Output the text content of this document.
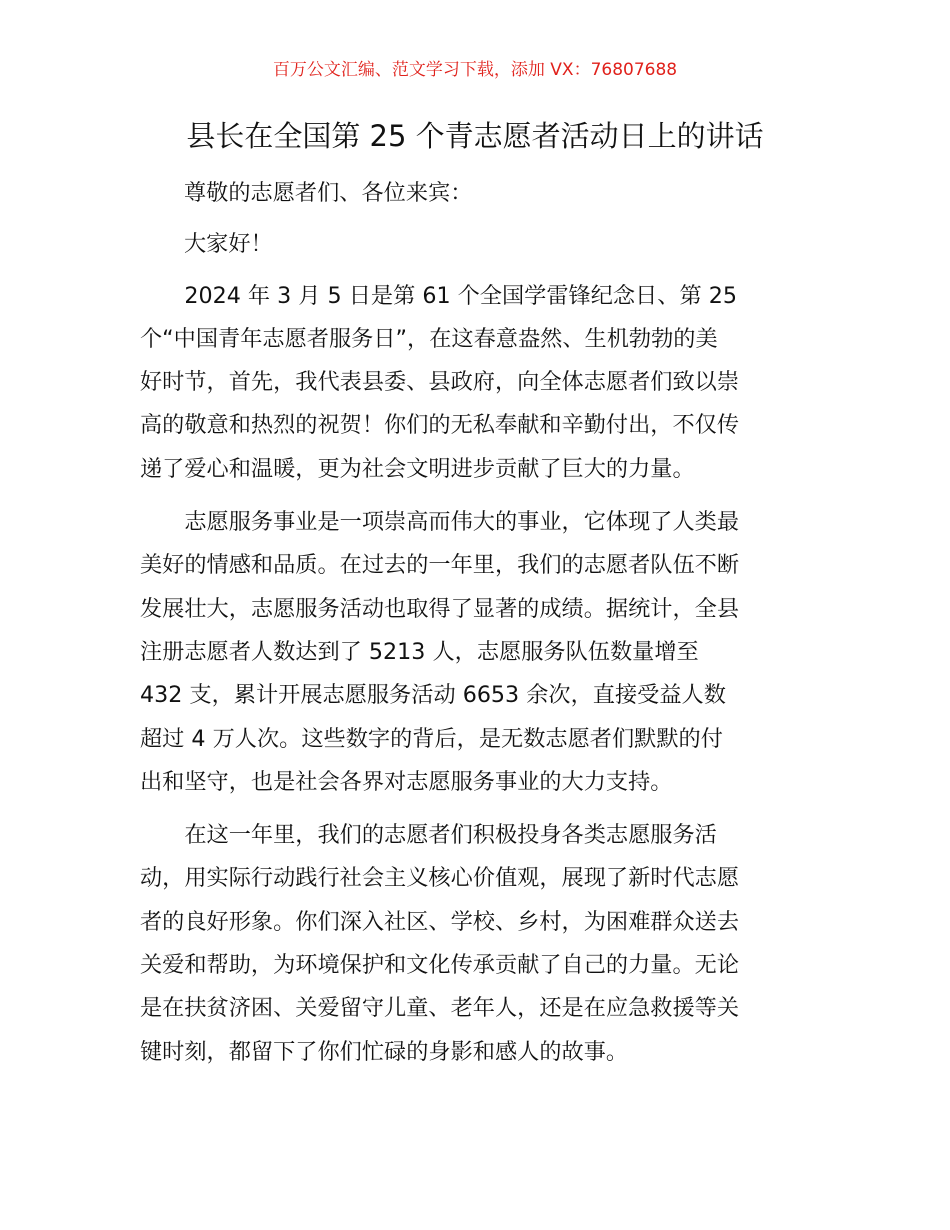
百万公文汇编、范文学习下载，添加 VX：76807688
县长在全国第 25 个青志愿者活动日上的讲话

尊敬的志愿者们、各位来宾：

大家好！

　　2024 年 3 月 5 日是第 61 个全国学雷锋纪念日、第 25

个“中国青年志愿者服务日”，在这春意盎然、生机勃勃的美

好时节，首先，我代表县委、县政府，向全体志愿者们致以崇

高的敬意和热烈的祝贺！你们的无私奉献和辛勤付出，不仅传

递了爱心和温暖，更为社会文明进步贡献了巨大的力量。

　　志愿服务事业是一项崇高而伟大的事业，它体现了人类最

美好的情感和品质。在过去的一年里，我们的志愿者队伍不断

发展壮大，志愿服务活动也取得了显著的成绩。据统计，全县

注册志愿者人数达到了 5213 人，志愿服务队伍数量增至

432 支，累计开展志愿服务活动 6653 余次，直接受益人数

超过 4 万人次。这些数字的背后，是无数志愿者们默默的付

出和坚守，也是社会各界对志愿服务事业的大力支持。

　　在这一年里，我们的志愿者们积极投身各类志愿服务活

动，用实际行动践行社会主义核心价值观，展现了新时代志愿

者的良好形象。你们深入社区、学校、乡村，为困难群众送去

关爱和帮助，为环境保护和文化传承贡献了自己的力量。无论

是在扶贫济困、关爱留守儿童、老年人，还是在应急救援等关

键时刻，都留下了你们忙碌的身影和感人的故事。
